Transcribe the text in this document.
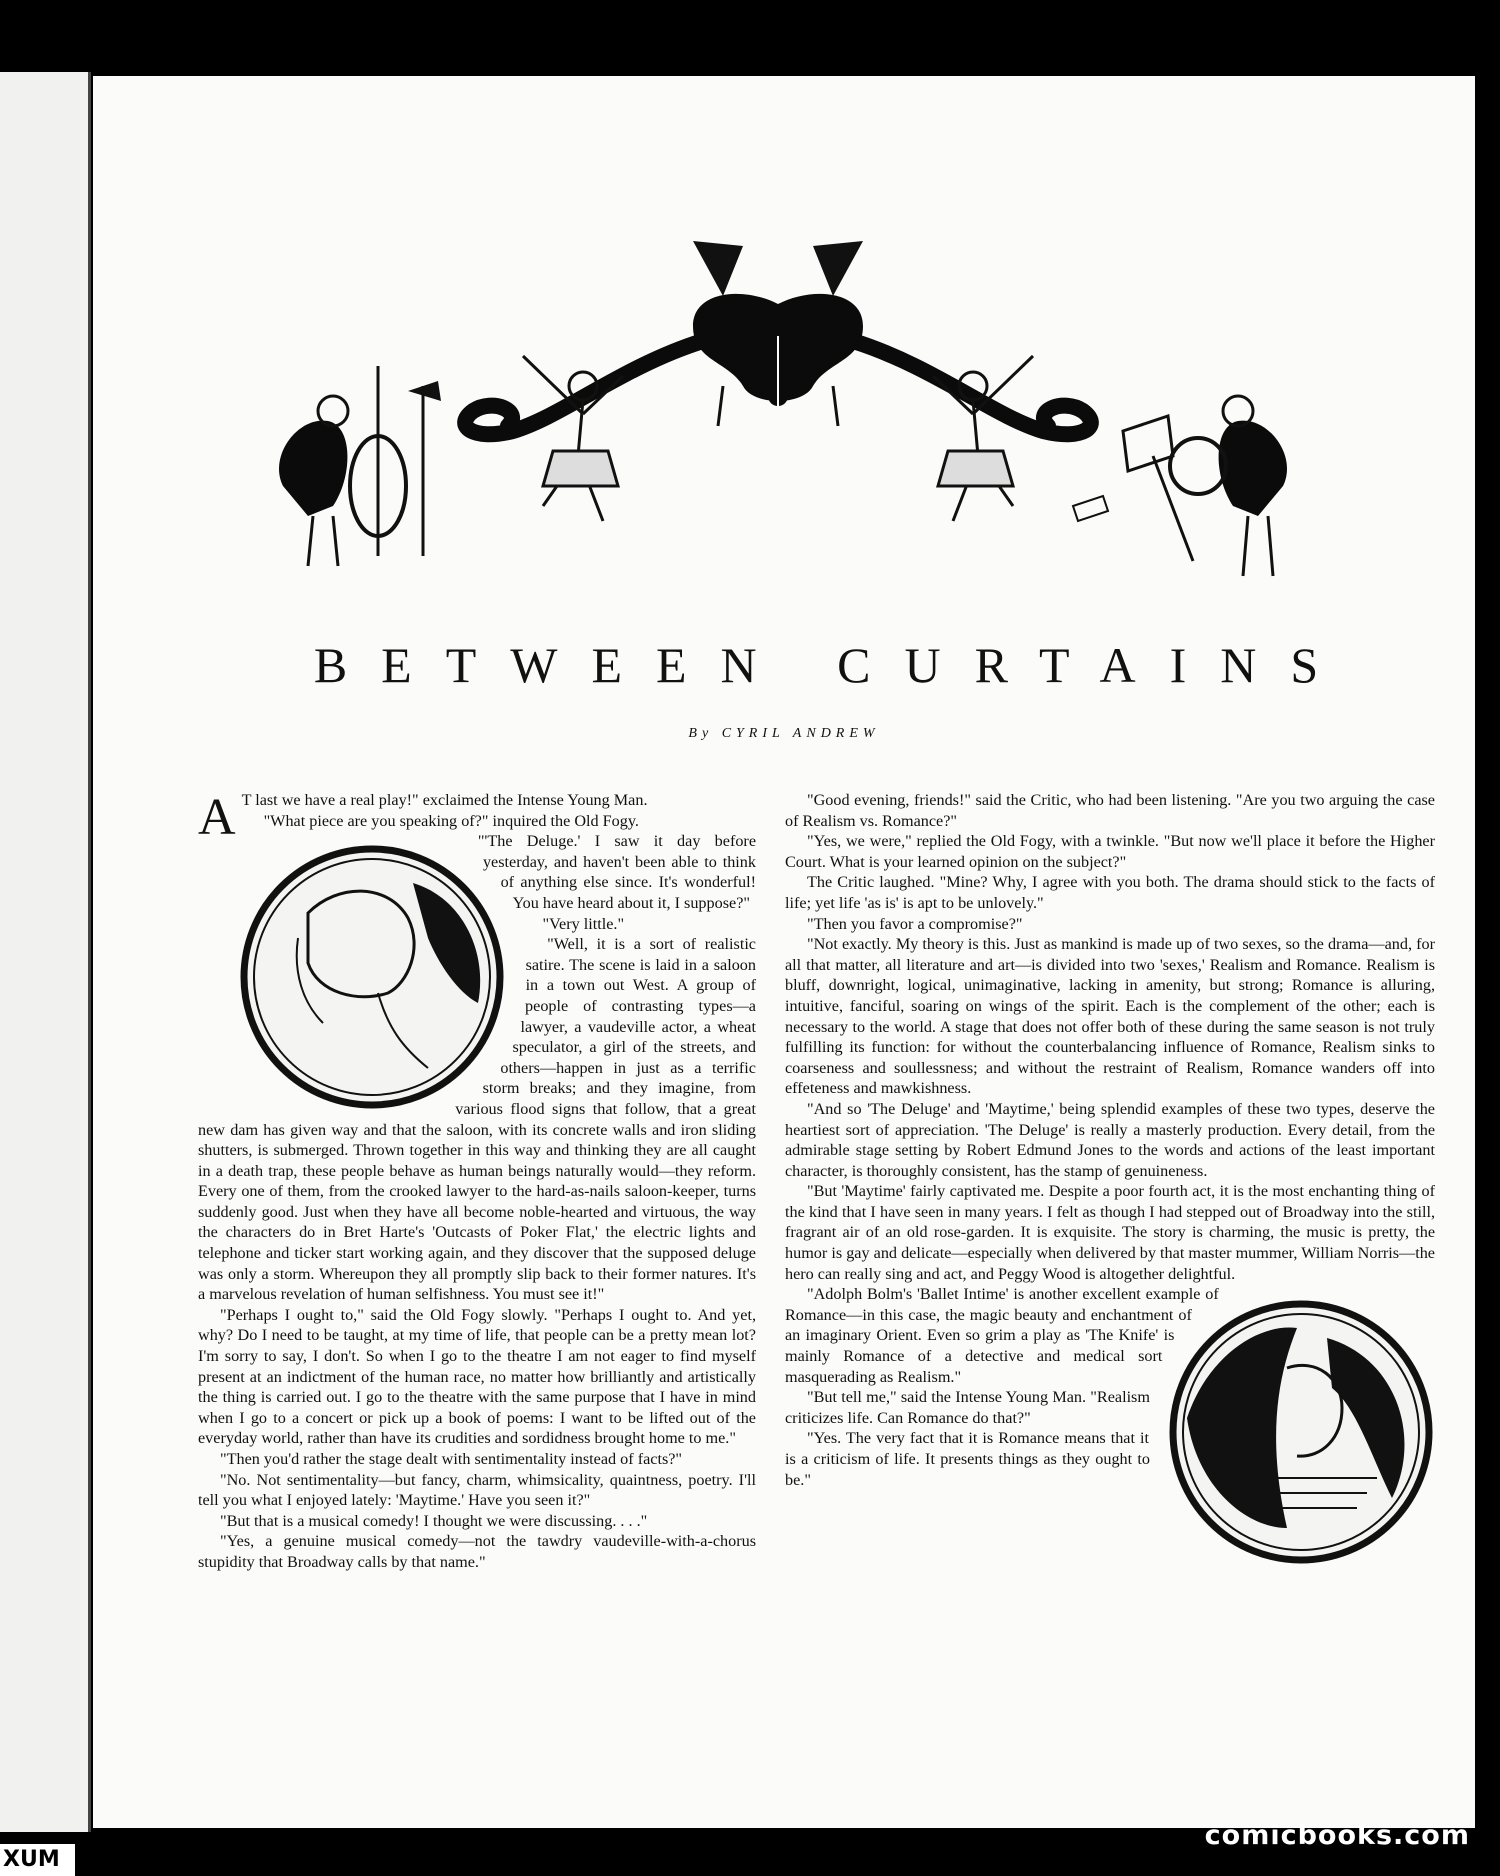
BETWEEN CURTAINS
By CYRIL ANDREW
A T last we have a real play!" exclaimed the Intense Young Man.

"What piece are you speaking of?" inquired the Old Fogy.

"'The Deluge.' I saw it day before yesterday, and haven't been able to think of anything else since. It's wonderful! You have heard about it, I suppose?"

"Very little."

"Well, it is a sort of realistic satire. The scene is laid in a saloon in a town out West. A group of people of contrasting types—a lawyer, a vaudeville actor, a wheat speculator, a girl of the streets, and others—happen in just as a terrific storm breaks; and they imagine, from various flood signs that follow, that a great new dam has given way and that the saloon, with its concrete walls and iron sliding shutters, is submerged. Thrown together in this way and thinking they are all caught in a death trap, these people behave as human beings naturally would—they reform. Every one of them, from the crooked lawyer to the hard-as-nails saloon-keeper, turns suddenly good. Just when they have all become noble-hearted and virtuous, the way the characters do in Bret Harte's 'Outcasts of Poker Flat,' the electric lights and telephone and ticker start working again, and they discover that the supposed deluge was only a storm. Whereupon they all promptly slip back to their former natures. It's a marvelous revelation of human selfishness. You must see it!"

"Perhaps I ought to," said the Old Fogy slowly. "Perhaps I ought to. And yet, why? Do I need to be taught, at my time of life, that people can be a pretty mean lot? I'm sorry to say, I don't. So when I go to the theatre I am not eager to find myself present at an indictment of the human race, no matter how brilliantly and artistically the thing is carried out. I go to the theatre with the same purpose that I have in mind when I go to a concert or pick up a book of poems: I want to be lifted out of the everyday world, rather than have its crudities and sordidness brought home to me."

"Then you'd rather the stage dealt with sentimentality instead of facts?"

"No. Not sentimentality—but fancy, charm, whimsicality, quaintness, poetry. I'll tell you what I enjoyed lately: 'Maytime.' Have you seen it?"

"But that is a musical comedy! I thought we were discussing. . . ."

"Yes, a genuine musical comedy—not the tawdry vaudeville-with-a-chorus stupidity that Broadway calls by that name."

"Good evening, friends!" said the Critic, who had been listening. "Are you two arguing the case of Realism vs. Romance?"

"Yes, we were," replied the Old Fogy, with a twinkle. "But now we'll place it before the Higher Court. What is your learned opinion on the subject?"

The Critic laughed. "Mine? Why, I agree with you both. The drama should stick to the facts of life; yet life 'as is' is apt to be unlovely."

"Then you favor a compromise?"

"Not exactly. My theory is this. Just as mankind is made up of two sexes, so the drama—and, for all that matter, all literature and art—is divided into two 'sexes,' Realism and Romance. Realism is bluff, downright, logical, unimaginative, lacking in amenity, but strong; Romance is alluring, intuitive, fanciful, soaring on wings of the spirit. Each is the complement of the other; each is necessary to the world. A stage that does not offer both of these during the same season is not truly fulfilling its function: for without the counterbalancing influence of Romance, Realism sinks to coarseness and soullessness; and without the restraint of Realism, Romance wanders off into effeteness and mawkishness.

"And so 'The Deluge' and 'Maytime,' being splendid examples of these two types, deserve the heartiest sort of appreciation. 'The Deluge' is really a masterly production. Every detail, from the admirable stage setting by Robert Edmund Jones to the words and actions of the least important character, is thoroughly consistent, has the stamp of genuineness.

"But 'Maytime' fairly captivated me. Despite a poor fourth act, it is the most enchanting thing of the kind that I have seen in many years. I felt as though I had stepped out of Broadway into the still, fragrant air of an old rose-garden. It is exquisite. The story is charming, the music is pretty, the humor is gay and delicate—especially when delivered by that master mummer, William Norris—the hero can really sing and act, and Peggy Wood is altogether delightful.

"Adolph Bolm's 'Ballet Intime' is another excellent example of Romance—in this case, the magic beauty and enchantment of an imaginary Orient. Even so grim a play as 'The Knife' is mainly Romance of a detective and medical sort masquerading as Realism."

"But tell me," said the Intense Young Man. "Realism criticizes life. Can Romance do that?"

"Yes. The very fact that it is Romance means that it is a criticism of life. It presents things as they ought to be."

comicbooks.com
XUM
